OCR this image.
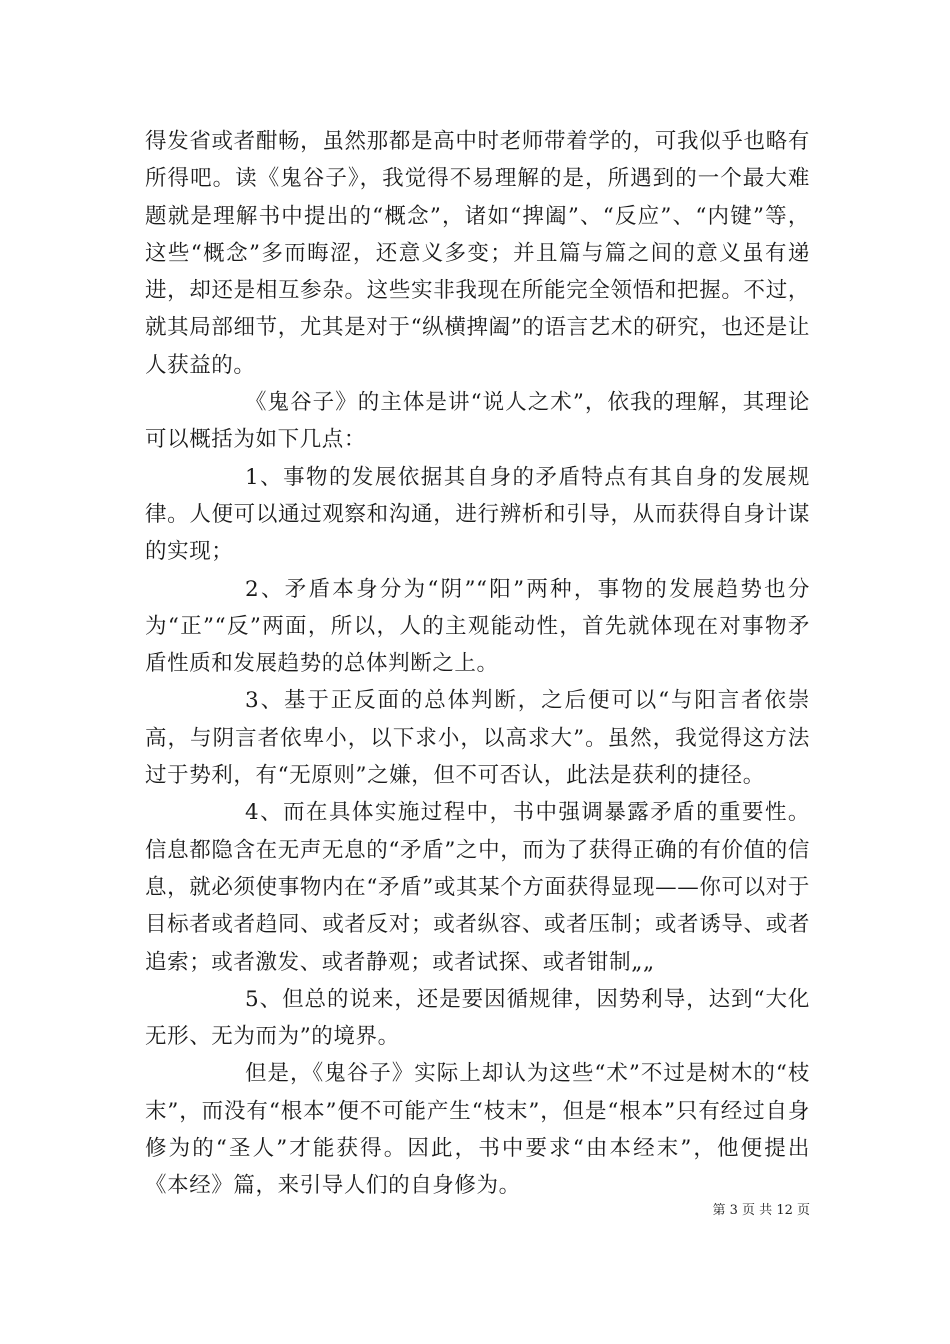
得发省或者酣畅，虽然那都是高中时老师带着学的，可我似乎也略有所得吧。读《鬼谷子》，我觉得不易理解的是，所遇到的一个最大难题就是理解书中提出的“概念”，诸如“捭阖”、“反应”、“内键”等，这些“概念”多而晦涩，还意义多变；并且篇与篇之间的意义虽有递进，却还是相互参杂。这些实非我现在所能完全领悟和把握。不过，就其局部细节，尤其是对于“纵横捭阖”的语言艺术的研究，也还是让人获益的。

《鬼谷子》的主体是讲“说人之术”，依我的理解，其理论可以概括为如下几点：

1、事物的发展依据其自身的矛盾特点有其自身的发展规律。人便可以通过观察和沟通，进行辨析和引导，从而获得自身计谋的实现；

2、矛盾本身分为“阴”“阳”两种，事物的发展趋势也分为“正”“反”两面，所以，人的主观能动性，首先就体现在对事物矛盾性质和发展趋势的总体判断之上。

3、基于正反面的总体判断，之后便可以“与阳言者依崇高，与阴言者依卑小，以下求小，以高求大”。虽然，我觉得这方法过于势利，有“无原则”之嫌，但不可否认，此法是获利的捷径。

4、而在具体实施过程中，书中强调暴露矛盾的重要性。信息都隐含在无声无息的“矛盾”之中，而为了获得正确的有价值的信息，就必须使事物内在“矛盾”或其某个方面获得显现——你可以对于目标者或者趋同、或者反对；或者纵容、或者压制；或者诱导、或者追索；或者激发、或者静观；或者试探、或者钳制„„

5、但总的说来，还是要因循规律，因势利导，达到“大化无形、无为而为”的境界。

但是，《鬼谷子》实际上却认为这些“术”不过是树木的“枝末”，而没有“根本”便不可能产生“枝末”，但是“根本”只有经过自身修为的“圣人”才能获得。因此，书中要求“由本经末”，他便提出《本经》篇，来引导人们的自身修为。

第 3 页 共 12 页
